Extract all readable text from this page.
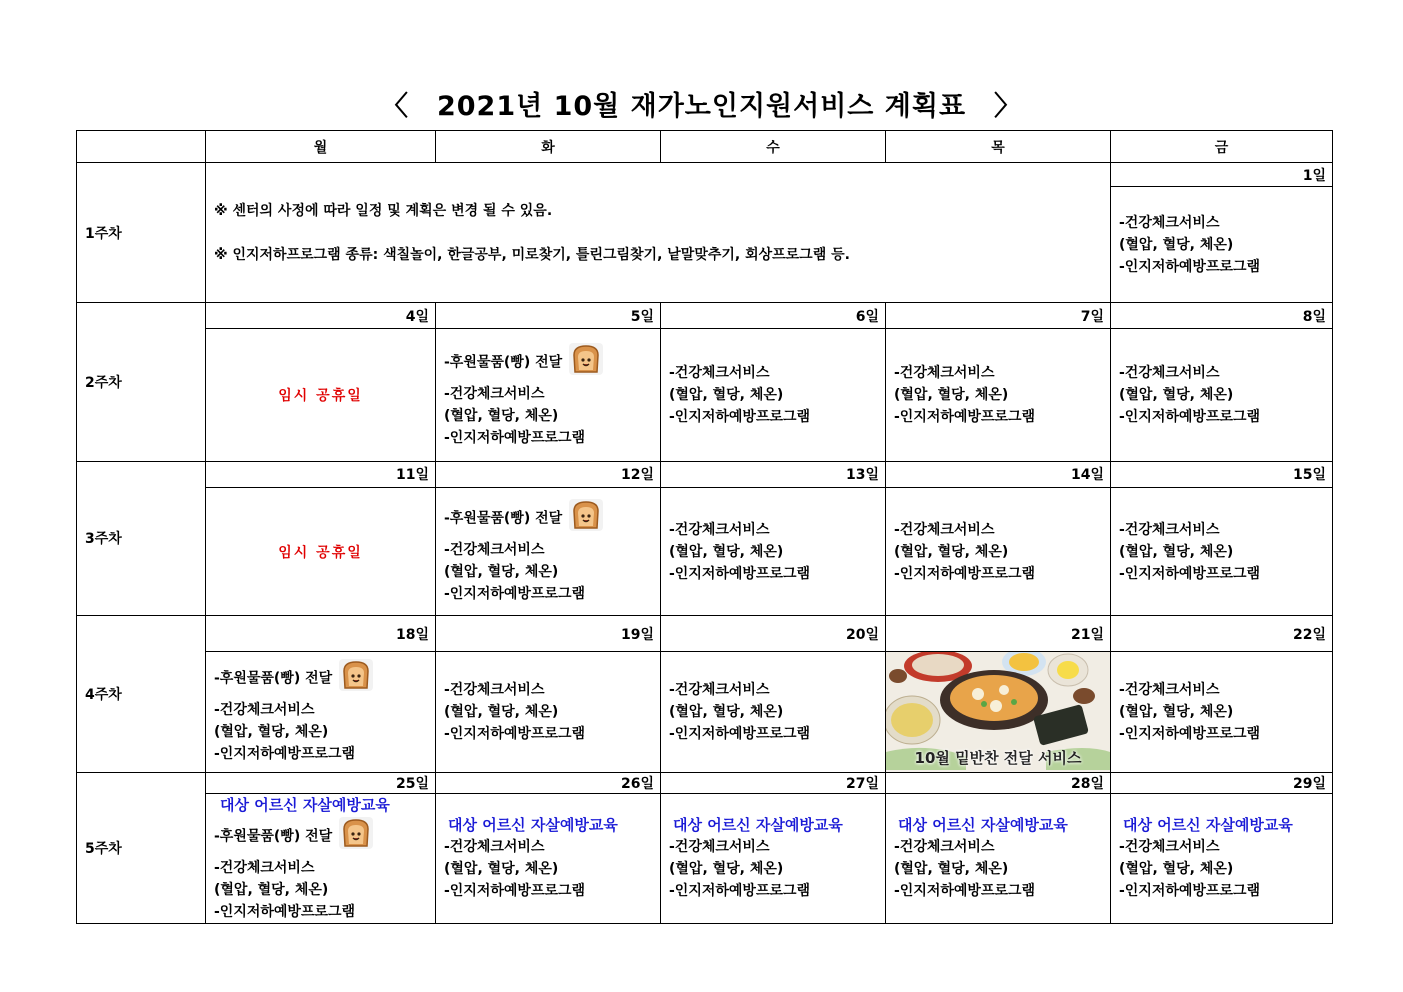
〈 2021년 10월 재가노인지원서비스 계획표 〉
	월	화	수	목	금
1주차	※ 센터의 사정에 따라 일정 및 계획은 변경 될 수 있음.
※ 인지저하프로그램 종류: 색칠놀이, 한글공부, 미로찾기, 틀린그림찾기, 낱말맞추기, 회상프로그램 등.				1일

					-건강체크서비스
(혈압, 혈당, 체온)
-인지저하예방프로그램

2주차	4일	5일	6일	7일	8일
	임시 공휴일	-후원물품(빵) 전달
-건강체크서비스
(혈압, 혈당, 체온)
-인지저하예방프로그램	-건강체크서비스
(혈압, 혈당, 체온)
-인지저하예방프로그램	-건강체크서비스
(혈압, 혈당, 체온)
-인지저하예방프로그램	-건강체크서비스
(혈압, 혈당, 체온)
-인지저하예방프로그램

3주차	11일	12일	13일	14일	15일
	임시 공휴일	-후원물품(빵) 전달
-건강체크서비스
(혈압, 혈당, 체온)
-인지저하예방프로그램	-건강체크서비스
(혈압, 혈당, 체온)
-인지저하예방프로그램	-건강체크서비스
(혈압, 혈당, 체온)
-인지저하예방프로그램	-건강체크서비스
(혈압, 혈당, 체온)
-인지저하예방프로그램

4주차	18일	19일	20일	21일	22일

	-후원물품(빵) 전달
-건강체크서비스
(혈압, 혈당, 체온)
-인지저하예방프로그램	-건강체크서비스
(혈압, 혈당, 체온)
-인지저하예방프로그램	-건강체크서비스
(혈압, 혈당, 체온)
-인지저하예방프로그램	10월 밑반찬 전달 서비스	-건강체크서비스
(혈압, 혈당, 체온)
-인지저하예방프로그램

5주차	25일	26일	27일	28일	29일

	대상 어르신 자살예방교육
-후원물품(빵) 전달
-건강체크서비스
(혈압, 혈당, 체온)
-인지저하예방프로그램	대상 어르신 자살예방교육
-건강체크서비스
(혈압, 혈당, 체온)
-인지저하예방프로그램	대상 어르신 자살예방교육
-건강체크서비스
(혈압, 혈당, 체온)
-인지저하예방프로그램	대상 어르신 자살예방교육
-건강체크서비스
(혈압, 혈당, 체온)
-인지저하예방프로그램	대상 어르신 자살예방교육
-건강체크서비스
(혈압, 혈당, 체온)
-인지저하예방프로그램
